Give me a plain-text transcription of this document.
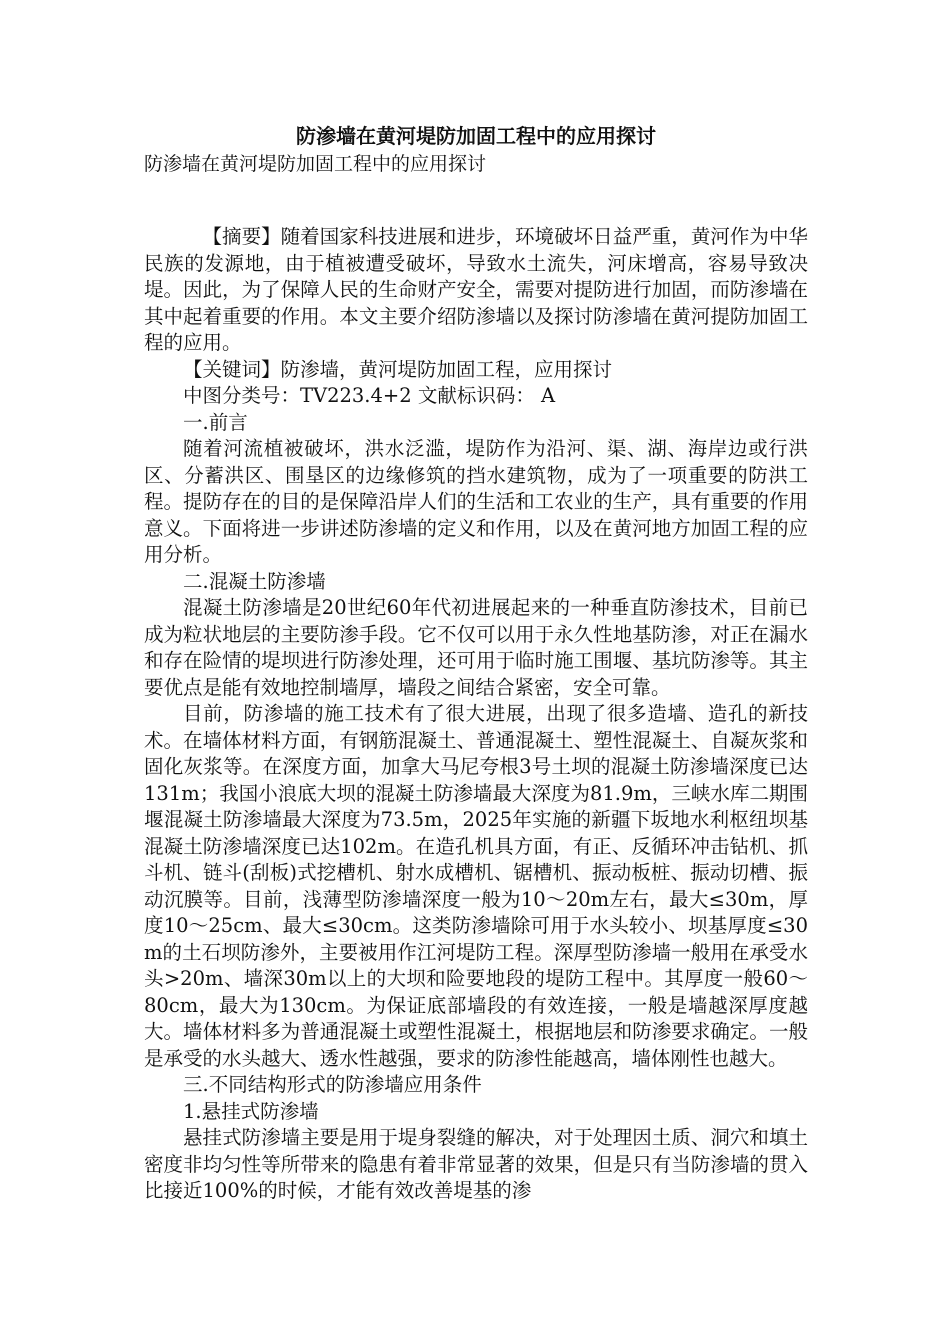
防渗墙在黄河堤防加固工程中的应用探讨

防渗墙在黄河堤防加固工程中的应用探讨

【摘要】随着国家科技进展和进步，环境破坏日益严重，黄河作为中华民族的发源地，由于植被遭受破坏，导致水土流失，河床增高，容易导致决堤。因此，为了保障人民的生命财产安全，需要对提防进行加固，而防渗墙在其中起着重要的作用。本文主要介绍防渗墙以及探讨防渗墙在黄河提防加固工程的应用。

【关键词】防渗墙，黄河堤防加固工程，应用探讨

中图分类号：TV223.4+2 文献标识码： A

一.前言

随着河流植被破坏，洪水泛滥，堤防作为沿河、渠、湖、海岸边或行洪区、分蓄洪区、围垦区的边缘修筑的挡水建筑物，成为了一项重要的防洪工程。提防存在的目的是保障沿岸人们的生活和工农业的生产，具有重要的作用意义。下面将进一步讲述防渗墙的定义和作用，以及在黄河地方加固工程的应用分析。

二.混凝土防渗墙

混凝土防渗墙是20世纪60年代初进展起来的一种垂直防渗技术，目前已成为粒状地层的主要防渗手段。它不仅可以用于永久性地基防渗，对正在漏水和存在险情的堤坝进行防渗处理，还可用于临时施工围堰、基坑防渗等。其主要优点是能有效地控制墙厚，墙段之间结合紧密，安全可靠。

目前，防渗墙的施工技术有了很大进展，出现了很多造墙、造孔的新技术。在墙体材料方面，有钢筋混凝土、普通混凝土、塑性混凝土、自凝灰浆和固化灰浆等。在深度方面，加拿大马尼夸根3号土坝的混凝土防渗墙深度已达131m；我国小浪底大坝的混凝土防渗墙最大深度为81.9m，三峡水库二期围堰混凝土防渗墙最大深度为73.5m，2025年实施的新疆下坂地水利枢纽坝基混凝土防渗墙深度已达102m。在造孔机具方面，有正、反循环冲击钻机、抓斗机、链斗(刮板)式挖槽机、射水成槽机、锯槽机、振动板桩、振动切槽、振动沉膜等。目前，浅薄型防渗墙深度一般为10～20m左右，最大≤30m，厚度10～25cm、最大≤30cm。这类防渗墙除可用于水头较小、坝基厚度≤30m的土石坝防渗外，主要被用作江河堤防工程。深厚型防渗墙一般用在承受水头>20m、墙深30m以上的大坝和险要地段的堤防工程中。其厚度一般60～80cm，最大为130cm。为保证底部墙段的有效连接，一般是墙越深厚度越大。墙体材料多为普通混凝土或塑性混凝土，根据地层和防渗要求确定。一般是承受的水头越大、透水性越强，要求的防渗性能越高，墙体刚性也越大。

三.不同结构形式的防渗墙应用条件

1.悬挂式防渗墙

悬挂式防渗墙主要是用于堤身裂缝的解决，对于处理因土质、洞穴和填土密度非均匀性等所带来的隐患有着非常显著的效果，但是只有当防渗墙的贯入比接近100%的时候，才能有效改善堤基的渗
